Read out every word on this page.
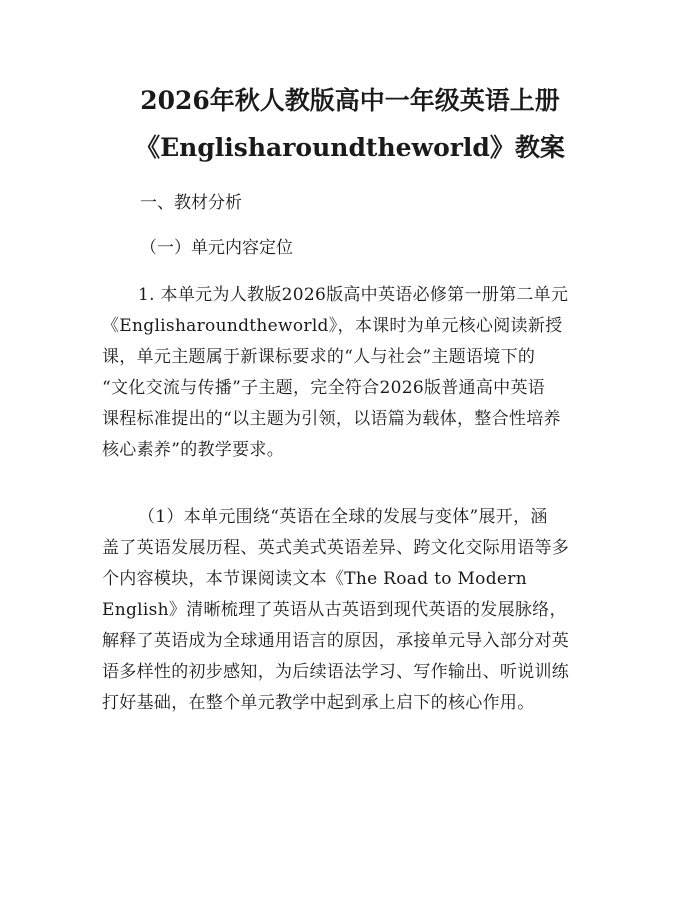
2026年秋人教版高中一年级英语上册
《Englisharoundtheworld》教案
一、教材分析
（一）单元内容定位
1. 本单元为人教版2026版高中英语必修第一册第二单元
《Englisharoundtheworld》，本课时为单元核心阅读新授
课，单元主题属于新课标要求的“人与社会”主题语境下的
“文化交流与传播”子主题，完全符合2026版普通高中英语
课程标准提出的“以主题为引领，以语篇为载体，整合性培养
核心素养”的教学要求。
（1）本单元围绕“英语在全球的发展与变体”展开，涵
盖了英语发展历程、英式美式英语差异、跨文化交际用语等多
个内容模块，本节课阅读文本《The Road to Modern
English》清晰梳理了英语从古英语到现代英语的发展脉络，
解释了英语成为全球通用语言的原因，承接单元导入部分对英
语多样性的初步感知，为后续语法学习、写作输出、听说训练
打好基础，在整个单元教学中起到承上启下的核心作用。
